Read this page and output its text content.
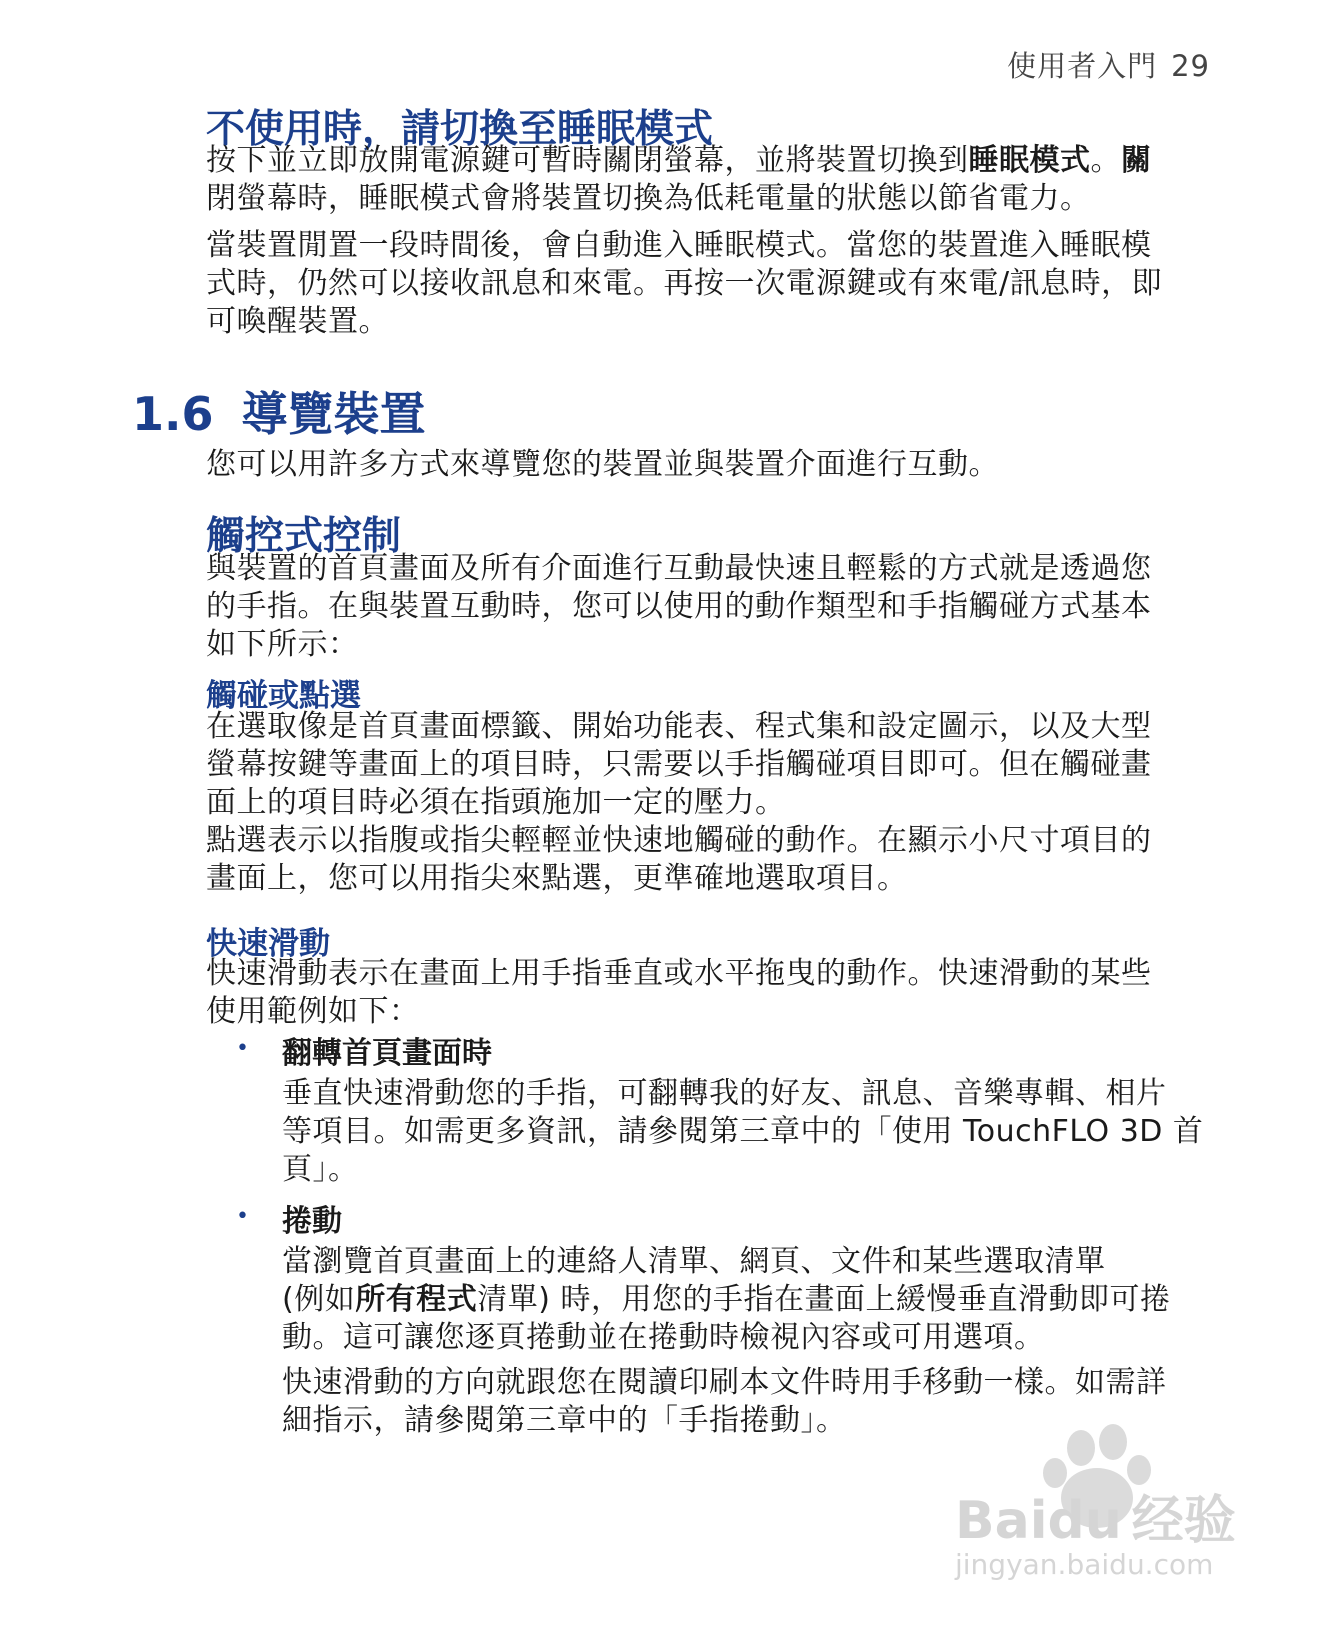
使用者入門 29
不使用時，請切換至睡眠模式
按下並立即放開電源鍵可暫時關閉螢幕，並將裝置切換到睡眠模式。關
閉螢幕時，睡眠模式會將裝置切換為低耗電量的狀態以節省電力。
當裝置閒置一段時間後，會自動進入睡眠模式。當您的裝置進入睡眠模
式時，仍然可以接收訊息和來電。再按一次電源鍵或有來電/訊息時，即
可喚醒裝置。
1.6 導覽裝置
您可以用許多方式來導覽您的裝置並與裝置介面進行互動。
觸控式控制
與裝置的首頁畫面及所有介面進行互動最快速且輕鬆的方式就是透過您
的手指。在與裝置互動時，您可以使用的動作類型和手指觸碰方式基本
如下所示：
觸碰或點選
在選取像是首頁畫面標籤、開始功能表、程式集和設定圖示，以及大型
螢幕按鍵等畫面上的項目時，只需要以手指觸碰項目即可。但在觸碰畫
面上的項目時必須在指頭施加一定的壓力。
點選表示以指腹或指尖輕輕並快速地觸碰的動作。在顯示小尺寸項目的
畫面上，您可以用指尖來點選，更準確地選取項目。
快速滑動
快速滑動表示在畫面上用手指垂直或水平拖曳的動作。快速滑動的某些
使用範例如下：
• 翻轉首頁畫面時
垂直快速滑動您的手指，可翻轉我的好友、訊息、音樂專輯、相片
等項目。如需更多資訊，請參閱第三章中的「使用 TouchFLO 3D 首
頁」。
• 捲動
當瀏覽首頁畫面上的連絡人清單、網頁、文件和某些選取清單
(例如所有程式清單) 時，用您的手指在畫面上緩慢垂直滑動即可捲
動。這可讓您逐頁捲動並在捲動時檢視內容或可用選項。
快速滑動的方向就跟您在閱讀印刷本文件時用手移動一樣。如需詳
細指示，請參閱第三章中的「手指捲動」。
Baidu 经验
jingyan.baidu.com
